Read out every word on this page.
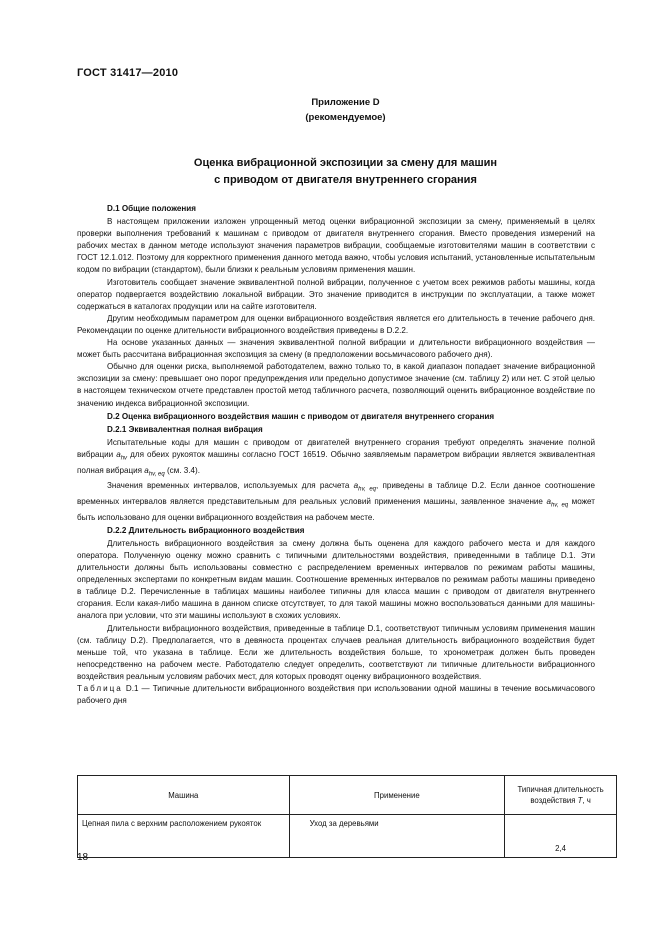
ГОСТ 31417—2010
Приложение D
(рекомендуемое)
Оценка вибрационной экспозиции за смену для машин
с приводом от двигателя внутреннего сгорания

D.1 Общие положения

В настоящем приложении изложен упрощенный метод оценки вибрационной экспозиции за смену, применяемый в целях проверки выполнения требований к машинам с приводом от двигателя внутреннего сгорания. Вместо проведения измерений на рабочих местах в данном методе используют значения параметров вибрации, сообщаемые изготовителями машин в соответствии с ГОСТ 12.1.012. Поэтому для корректного применения данного метода важно, чтобы условия испытаний, установленные испытательным кодом по вибрации (стандартом), были близки к реальным условиям применения машин.

Изготовитель сообщает значение эквивалентной полной вибрации, полученное с учетом всех режимов работы машины, когда оператор подвергается воздействию локальной вибрации. Это значение приводится в инструкции по эксплуатации, а также может содержаться в каталогах продукции или на сайте изготовителя.

Другим необходимым параметром для оценки вибрационного воздействия является его длительность в течение рабочего дня. Рекомендации по оценке длительности вибрационного воздействия приведены в D.2.2.

На основе указанных данных — значения эквивалентной полной вибрации и длительности вибрационного воздействия — может быть рассчитана вибрационная экспозиция за смену (в предположении восьмичасового рабочего дня).

Обычно для оценки риска, выполняемой работодателем, важно только то, в какой диапазон попадает значение вибрационной экспозиции за смену: превышает оно порог предупреждения или предельно допустимое значение (см. таблицу 2) или нет. С этой целью в настоящем техническом отчете представлен простой метод табличного расчета, позволяющий оценить вибрационное воздействие по значению индекса вибрационной экспозиции.

D.2 Оценка вибрационного воздействия машин с приводом от двигателя внутреннего сгорания

D.2.1 Эквивалентная полная вибрация

Испытательные коды для машин с приводом от двигателей внутреннего сгорания требуют определять значение полной вибрации $a_{hv}$ для обеих рукояток машины согласно ГОСТ 16519. Обычно заявляемым параметром вибрации является эквивалентная полная вибрация $a_{hv, eq}$ (см. 3.4).

Значения временных интервалов, используемых для расчета $a_{hv, eq}$, приведены в таблице D.2. Если данное соотношение временных интервалов является представительным для реальных условий применения машины, заявленное значение $a_{hv, eq}$ может быть использовано для оценки вибрационного воздействия на рабочем месте.

D.2.2 Длительность вибрационного воздействия

Длительность вибрационного воздействия за смену должна быть оценена для каждого рабочего места и для каждого оператора. Полученную оценку можно сравнить с типичными длительностями воздействия, приведенными в таблице D.1. Эти длительности должны быть использованы совместно с распределением временных интервалов по режимам работы машины, определенных экспертами по конкретным видам машин. Соотношение временных интервалов по режимам работы машины приведено в таблице D.2. Перечисленные в таблицах машины наиболее типичны для класса машин с приводом от двигателя внутреннего сгорания. Если какая-либо машина в данном списке отсутствует, то для такой машины можно воспользоваться данными для машины-аналога при условии, что эти машины используют в схожих условиях.

Длительности вибрационного воздействия, приведенные в таблице D.1, соответствуют типичным условиям применения машин (см. таблицу D.2). Предполагается, что в девяноста процентах случаев реальная длительность вибрационного воздействия будет меньше той, что указана в таблице. Если же длительность воздействия больше, то хронометраж должен быть проведен непосредственно на рабочем месте. Работодателю следует определить, соответствуют ли типичные длительности вибрационного воздействия реальным условиям рабочих мест, для которых проводят оценку вибрационного воздействия.

Таблица D.1 — Типичные длительности вибрационного воздействия при использовании одной машины в течение восьмичасового рабочего дня

Машина	Применение	Типичная длительность воздействия T, ч
Цепная пила с верхним расположением рукояток	Уход за деревьями	2,4
18
